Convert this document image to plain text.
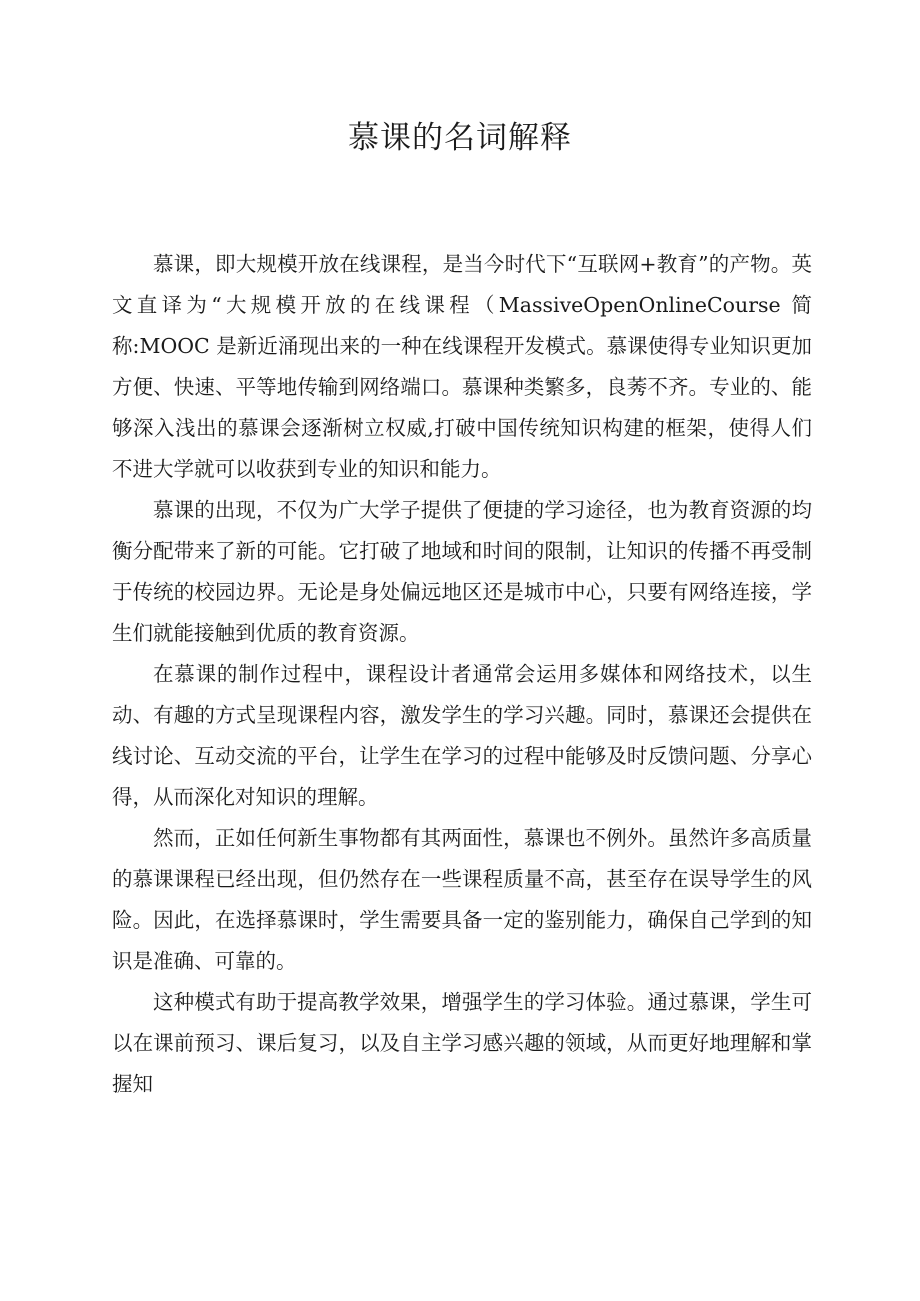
慕课的名词解释

慕课，即大规模开放在线课程，是当今时代下“互联网+教育”的产物。英文直译为“大规模开放的在线课程（MassiveOpenOnlineCourse 简称:MOOC 是新近涌现出来的一种在线课程开发模式。慕课使得专业知识更加方便、快速、平等地传输到网络端口。慕课种类繁多，良莠不齐。专业的、能够深入浅出的慕课会逐渐树立权威,打破中国传统知识构建的框架，使得人们不进大学就可以收获到专业的知识和能力。

慕课的出现，不仅为广大学子提供了便捷的学习途径，也为教育资源的均衡分配带来了新的可能。它打破了地域和时间的限制，让知识的传播不再受制于传统的校园边界。无论是身处偏远地区还是城市中心，只要有网络连接，学生们就能接触到优质的教育资源。

在慕课的制作过程中，课程设计者通常会运用多媒体和网络技术，以生动、有趣的方式呈现课程内容，激发学生的学习兴趣。同时，慕课还会提供在线讨论、互动交流的平台，让学生在学习的过程中能够及时反馈问题、分享心得，从而深化对知识的理解。

然而，正如任何新生事物都有其两面性，慕课也不例外。虽然许多高质量的慕课课程已经出现，但仍然存在一些课程质量不高，甚至存在误导学生的风险。因此，在选择慕课时，学生需要具备一定的鉴别能力，确保自己学到的知识是准确、可靠的。

这种模式有助于提高教学效果，增强学生的学习体验。通过慕课，学生可以在课前预习、课后复习，以及自主学习感兴趣的领域，从而更好地理解和掌握知
